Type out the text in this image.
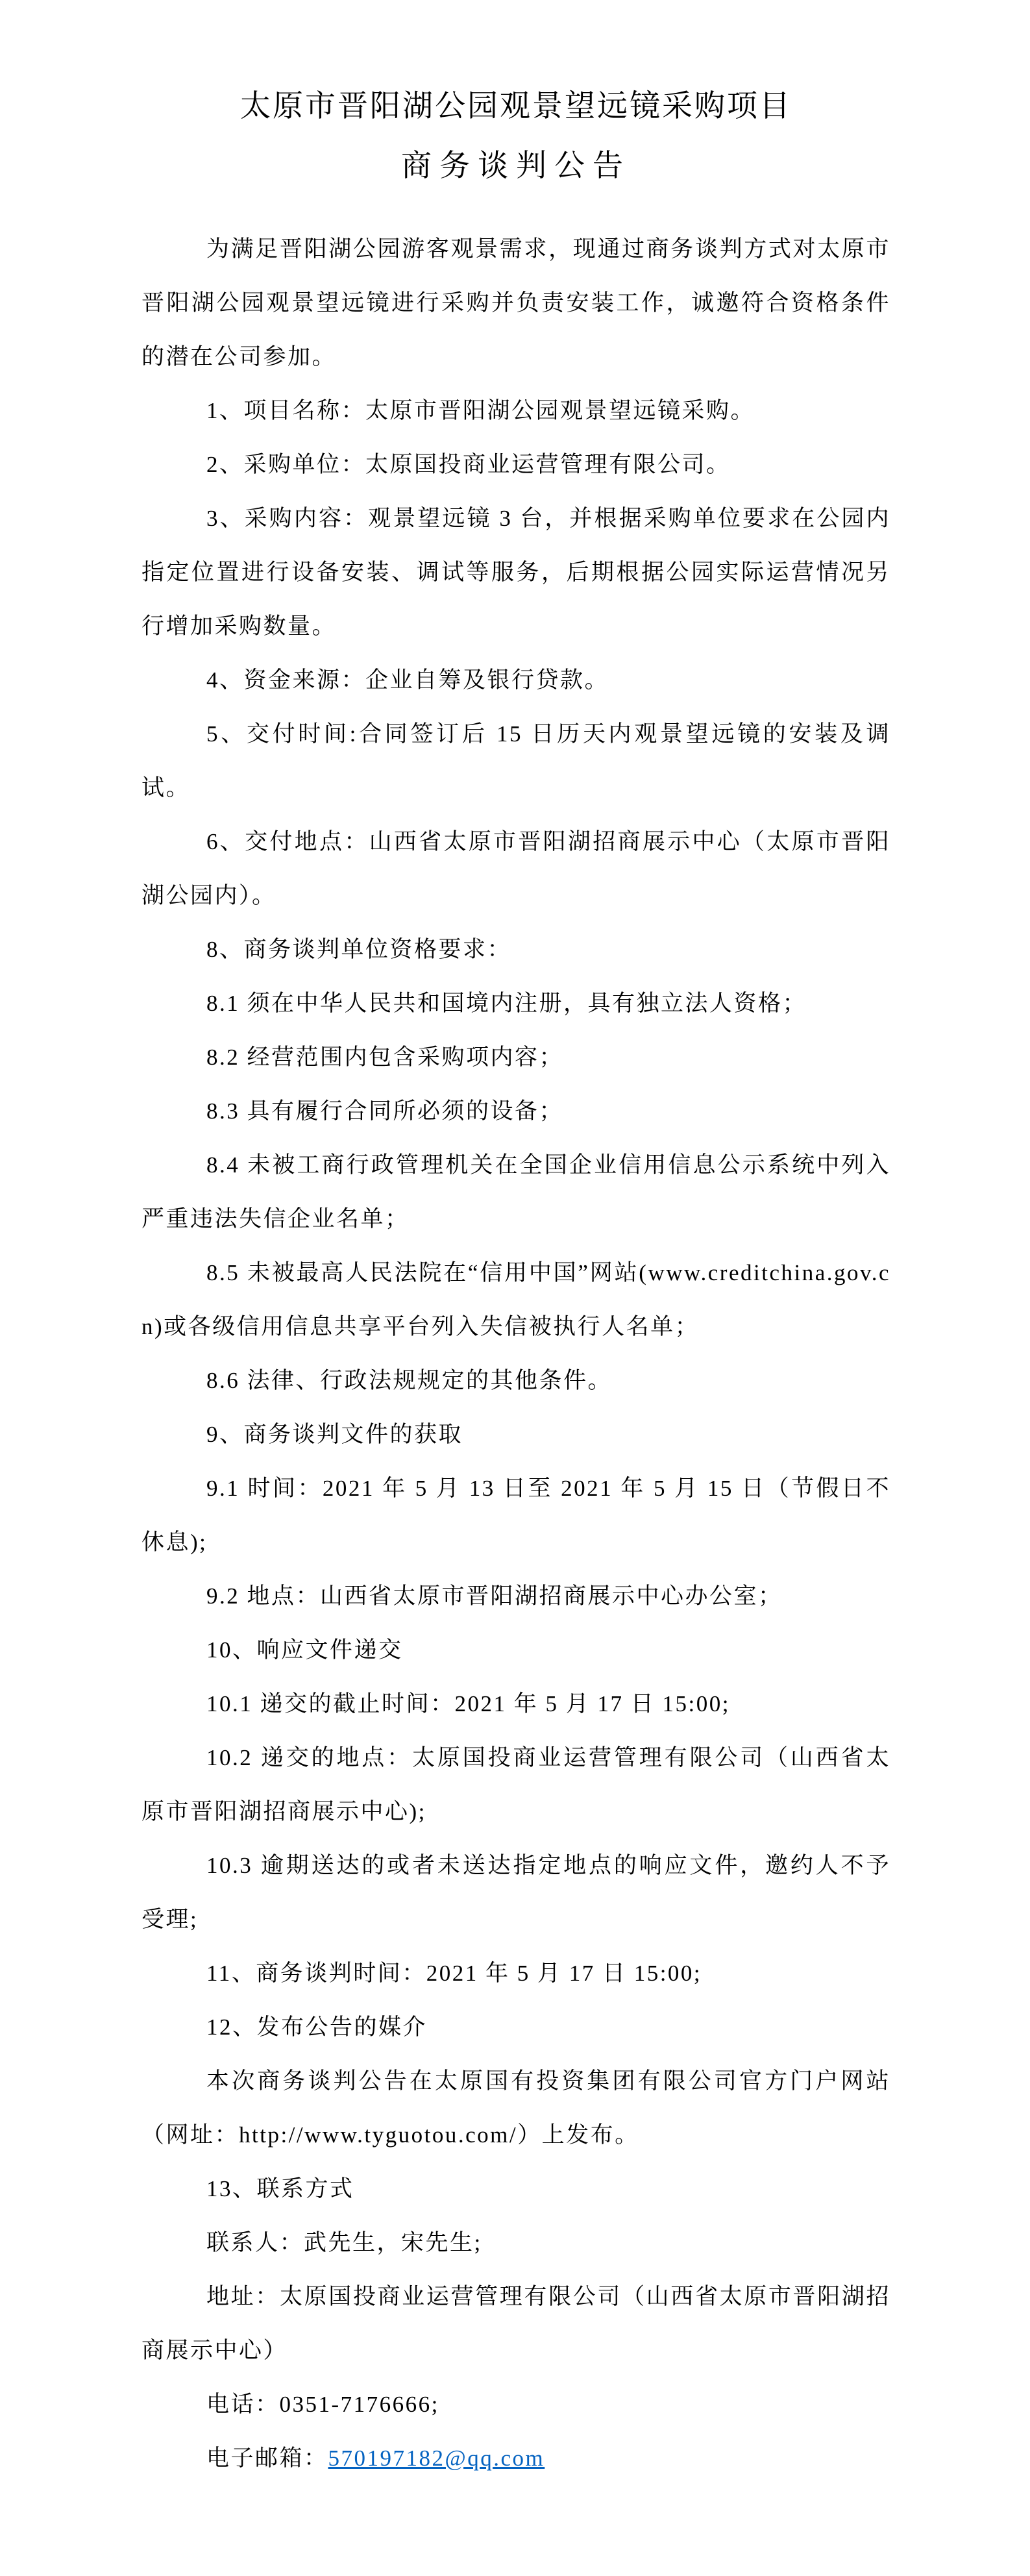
太原市晋阳湖公园观景望远镜采购项目
商务谈判公告

为满足晋阳湖公园游客观景需求，现通过商务谈判方式对太原市晋阳湖公园观景望远镜进行采购并负责安装工作，诚邀符合资格条件的潜在公司参加。

1、项目名称：太原市晋阳湖公园观景望远镜采购。

2、采购单位：太原国投商业运营管理有限公司。

3、采购内容：观景望远镜 3 台，并根据采购单位要求在公园内指定位置进行设备安装、调试等服务，后期根据公园实际运营情况另行增加采购数量。

4、资金来源：企业自筹及银行贷款。

5、交付时间:合同签订后 15 日历天内观景望远镜的安装及调试。

6、交付地点：山西省太原市晋阳湖招商展示中心（太原市晋阳湖公园内）。

8、商务谈判单位资格要求：

8.1 须在中华人民共和国境内注册，具有独立法人资格；

8.2 经营范围内包含采购项内容；

8.3 具有履行合同所必须的设备；

8.4 未被工商行政管理机关在全国企业信用信息公示系统中列入严重违法失信企业名单；

8.5 未被最高人民法院在“信用中国”网站(www.creditchina.gov.cn)或各级信用信息共享平台列入失信被执行人名单；

8.6 法律、行政法规规定的其他条件。

9、商务谈判文件的获取

9.1 时间：2021 年 5 月 13 日至 2021 年 5 月 15 日（节假日不休息);

9.2 地点：山西省太原市晋阳湖招商展示中心办公室；

10、响应文件递交

10.1 递交的截止时间：2021 年 5 月 17 日 15:00;

10.2 递交的地点：太原国投商业运营管理有限公司（山西省太原市晋阳湖招商展示中心);

10.3 逾期送达的或者未送达指定地点的响应文件，邀约人不予受理;

11、商务谈判时间：2021 年 5 月 17 日 15:00;

12、发布公告的媒介

本次商务谈判公告在太原国有投资集团有限公司官方门户网站（网址：http://www.tyguotou.com/）上发布。

13、联系方式

联系人：武先生，宋先生;

地址：太原国投商业运营管理有限公司（山西省太原市晋阳湖招商展示中心）

电话：0351-7176666;

电子邮箱：570197182@qq.com
